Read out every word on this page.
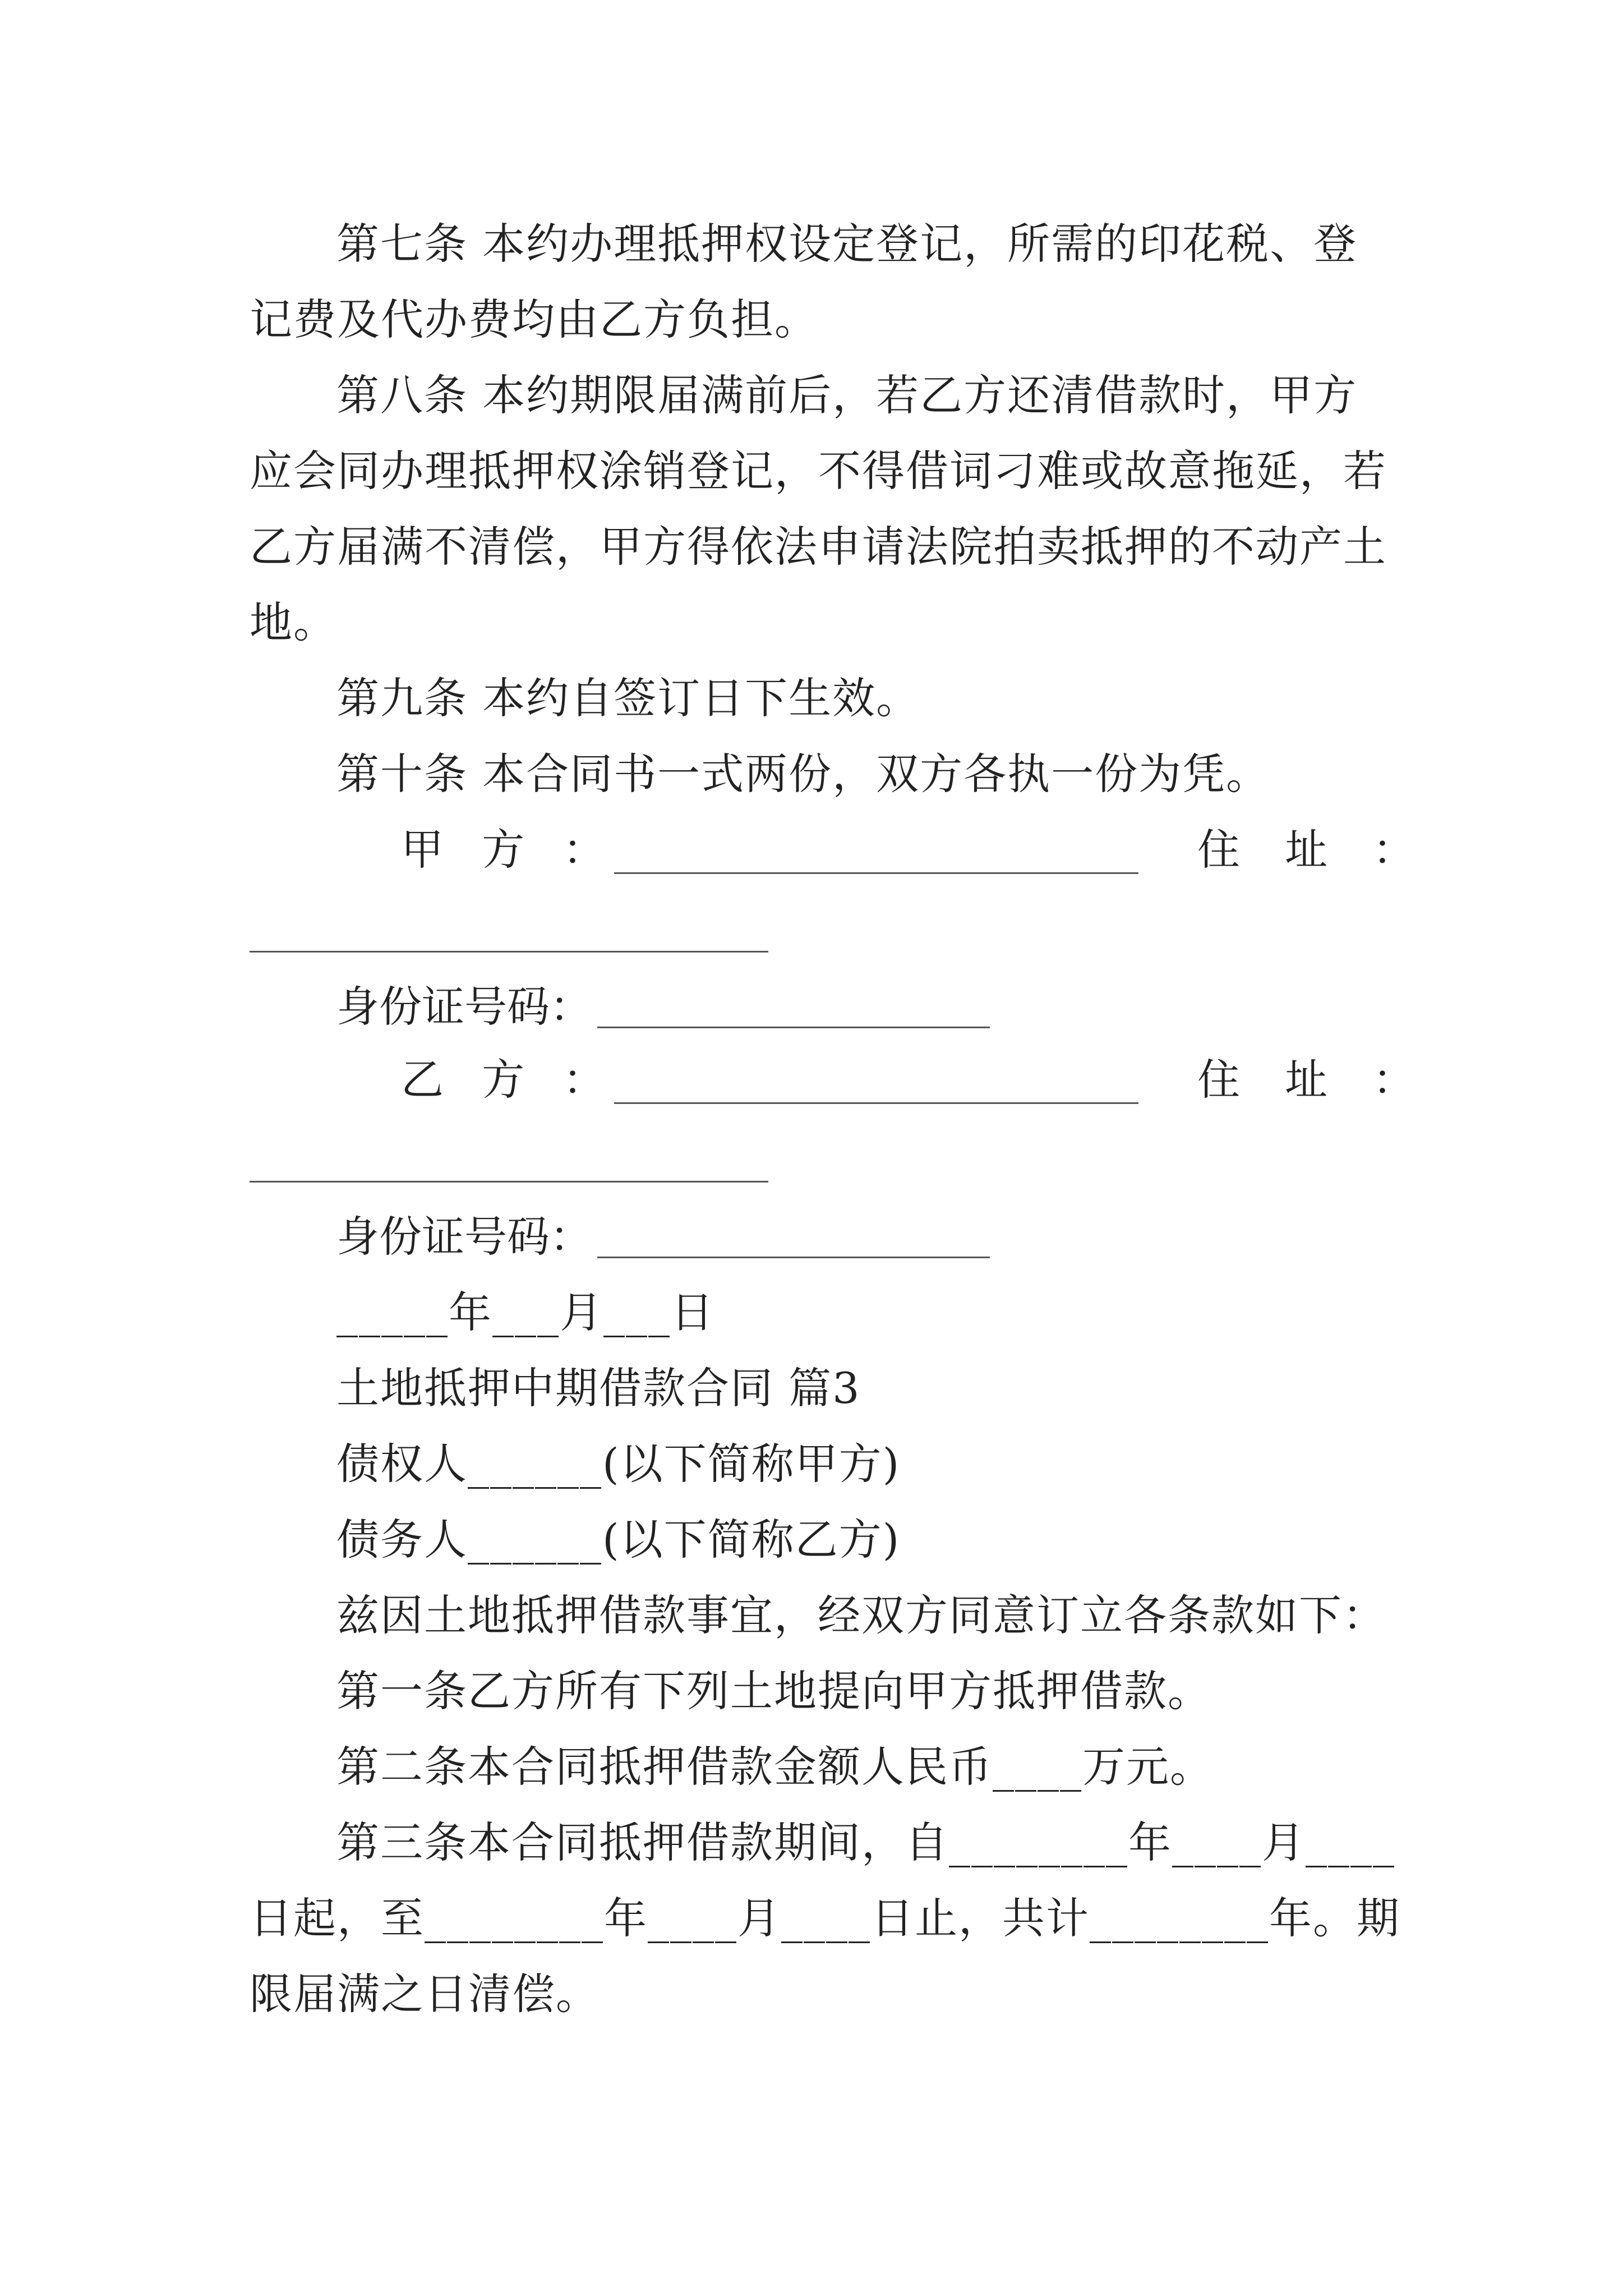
第七条 本约办理抵押权设定登记，所需的印花税、登
记费及代办费均由乙方负担。
第八条 本约期限届满前后，若乙方还清借款时，甲方
应会同办理抵押权涂销登记，不得借词刁难或故意拖延，若
乙方届满不清偿，甲方得依法申请法院拍卖抵押的不动产土
地。
第九条 本约自签订日下生效。
第十条 本合同书一式两份，双方各执一份为凭。
甲 方 ：	住 址 ：
身份证号码：
乙 方 ：	住 址 ：
身份证号码：
_____年___月___日
土地抵押中期借款合同 篇3
债权人______(以下简称甲方)
债务人______(以下简称乙方)
兹因土地抵押借款事宜，经双方同意订立各条款如下：
第一条乙方所有下列土地提向甲方抵押借款。
第二条本合同抵押借款金额人民币____万元。
第三条本合同抵押借款期间，自________年____月____
日起，至________年____月____日止，共计________年。期
限届满之日清偿。
